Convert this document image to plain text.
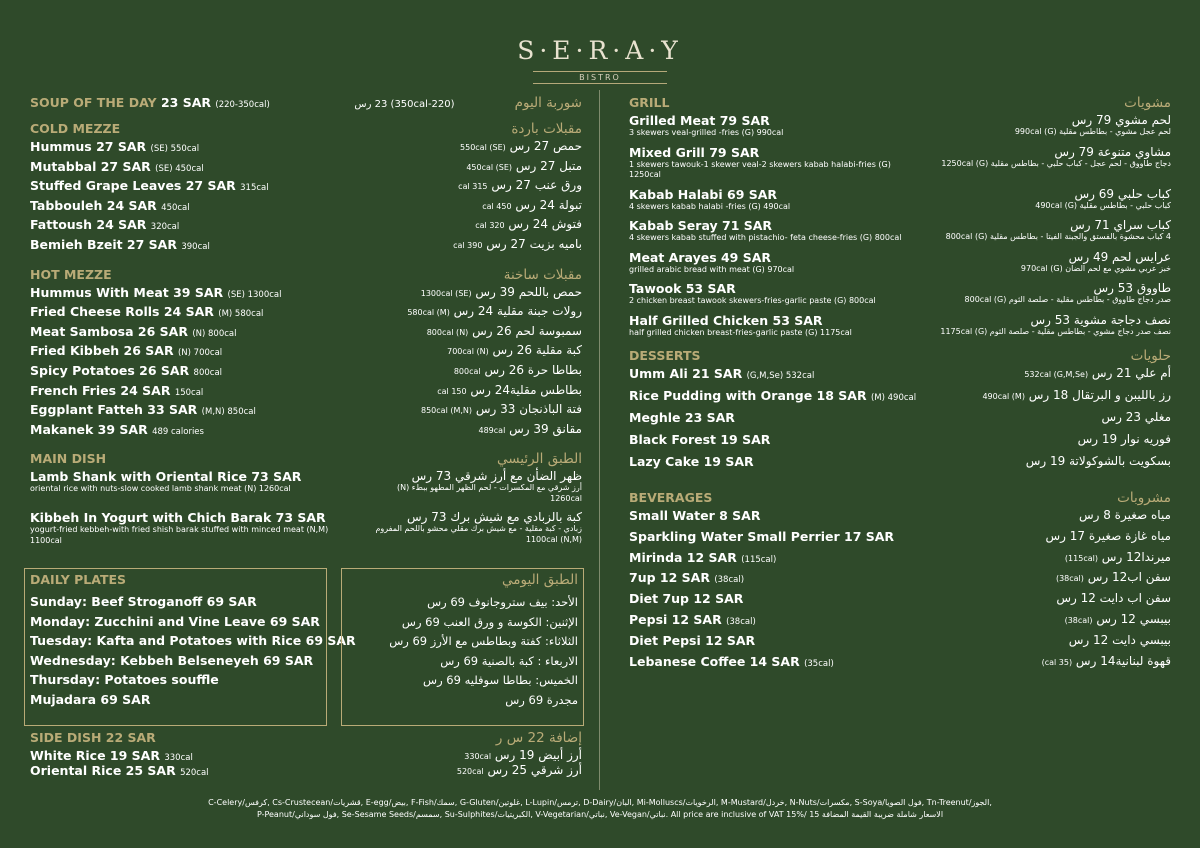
S·E·R·A·Y
BISTRO
SOUP OF THE DAY 23 SAR (220-350cal)	شوربة اليوم              (220-350cal) 23 رس
COLD MEZZE	مقبلات باردة
Hummus 27 SAR (SE) 550cal	حمص 27 رس (SE) 550cal
Mutabbal 27 SAR (SE) 450cal	متبل 27 رس (SE) 450cal
Stuffed Grape Leaves 27 SAR 315cal	ورق عنب 27 رس 315 cal
Tabbouleh 24 SAR 450cal	تبولة 24 رس 450 cal
Fattoush 24 SAR 320cal	فتوش 24 رس 320 cal
Bemieh Bzeit 27 SAR 390cal	باميه بزيت 27 رس 390 cal
HOT MEZZE	مقبلات ساخنة
Hummus With Meat 39 SAR (SE) 1300cal	حمص باللحم 39 رس (SE) 1300cal
Fried Cheese Rolls 24 SAR (M) 580cal	رولات جبنة مقلية 24 رس (M) 580cal
Meat Sambosa 26 SAR (N) 800cal	سمبوسة لحم 26 رس (N) 800cal
Fried Kibbeh 26 SAR (N) 700cal	كبة مقلية 26 رس (N) 700cal
Spicy Potatoes 26 SAR 800cal	بطاطا حرة 26 رس 800cal
French Fries 24 SAR 150cal	بطاطس مقلية24 رس 150 cal
Eggplant Fatteh 33 SAR (M,N) 850cal	فتة الباذنجان 33 رس (M,N) 850cal
Makanek 39 SAR 489 calories	مقانق 39 رس 489cal
MAIN DISH	الطبق الرئيسي
Lamb Shank with Oriental Rice 73 SAR
oriental rice with nuts-slow cooked lamb shank meat (N) 1260cal
ظهر الضأن مع أرز شرقي 73 رس
أرز شرقي مع المكسرات - لحم الظهر المطهو ببطء (N) 1260cal
Kibbeh In Yogurt with Chich Barak 73 SAR
yogurt-fried kebbeh-with fried shish barak stuffed with minced meat (N,M) 1100cal
كبة بالزبادي مع شيش برك 73 رس
زبادي - كبة مقلية - مع شيش برك مقلي محشو باللحم المفروم (N,M) 1100cal
DAILY PLATES
Sunday: Beef Stroganoff 69 SAR
Monday: Zucchini and Vine Leave 69 SAR
Tuesday: Kafta and Potatoes with Rice 69 SAR
Wednesday: Kebbeh Belseneyeh 69 SAR
Thursday: Potatoes souffle
Mujadara 69 SAR
الطبق اليومي
الأحد: بيف ستروجانوف 69 رس
الإثنين: الكوسة و ورق العنب 69 رس
الثلاثاء: كفتة وبطاطس مع الأرز 69 رس
الاربعاء : كبة بالصنية 69 رس
الخميس: بطاطا سوفليه 69 رس
مجدرة 69 رس
SIDE DISH 22 SAR	إضافة 22 س ر
White Rice 19 SAR 330cal	أرز أبيض 19 رس 330cal
Oriental Rice 25 SAR 520cal	أرز شرقي 25 رس 520cal
GRILL	مشويات
Grilled Meat 79 SAR
3 skewers veal-grilled -fries (G) 990cal
لحم مشوي 79 رس
لحم عجل مشوي - بطاطس مقلية (G) 990cal
Mixed Grill 79 SAR
1 skewers tawouk-1 skewer veal-2 skewers kabab halabi-fries (G) 1250cal
مشاوي متنوعة 79 رس
دجاج طاووق - لحم عجل - كباب حلبي - بطاطس مقلية (G) 1250cal
Kabab Halabi 69 SAR
4 skewers kabab halabi -fries (G) 490cal
كباب حلبي 69 رس
كباب حلبي - بطاطس مقلية (G) 490cal
Kabab Seray 71 SAR
4 skewers kabab stuffed with pistachio- feta cheese-fries (G) 800cal
كباب سراي 71 رس
4 كباب محشوة بالفستق والجبنة الفيتا - بطاطس مقلية (G) 800cal
Meat Arayes 49 SAR
grilled arabic bread with meat (G) 970cal
عرايس لحم 49 رس
خبز عربي مشوي مع لحم الضان (G) 970cal
Tawook 53 SAR
2 chicken breast tawook skewers-fries-garlic paste (G) 800cal
طاووق 53 رس
صدر دجاج طاووق - بطاطس مقلية - صلصة الثوم (G) 800cal
Half Grilled Chicken 53 SAR
half grilled chicken breast-fries-garlic paste (G) 1175cal
نصف دجاجة مشوية 53 رس
نصف صدر دجاج مشوي - بطاطس مقلية - صلصة الثوم (G) 1175cal
DESSERTS	حلويات
Umm Ali 21 SAR (G,M,Se) 532cal	أم علي 21 رس (G,M,Se) 532cal
Rice Pudding with Orange 18 SAR (M) 490cal	رز بالليبن و البرتقال 18 رس (M) 490cal
Meghle 23 SAR	مغلي 23 رس
Black Forest 19 SAR	فوريه نوار 19 رس
Lazy Cake 19 SAR	بسكويت بالشوكولاتة 19 رس
BEVERAGES	مشروبات
Small Water 8 SAR	مياه صغيرة 8 رس
Sparkling Water Small Perrier 17 SAR	مياه غازة صغيرة 17 رس
Mirinda 12 SAR (115cal)	ميرندا12 رس (115cal)
7up 12 SAR (38cal)	سفن اب12 رس (38cal)
Diet 7up 12 SAR	سفن اب دايت 12 رس
Pepsi 12 SAR (38cal)	بيبسي 12 رس (38cal)
Diet Pepsi 12 SAR	بيبسي دايت 12 رس
Lebanese Coffee 14 SAR (35cal)	قهوة لبنانية14 رس (35 cal)
C-Celery/كرفس, Cs-Crustecean/قشريات, E-egg/بيض, F-Fish/سمك, G-Gluten/غلوتين, L-Lupin/ترمس, D-Dairy/البان, Mi-Molluscs/الرخويات, M-Mustard/خردل, N-Nuts/مكسرات, S-Soya/فول الصويا, Tn-Treenut/الجوز,
P-Peanut/فول سوداني, Se-Sesame Seeds/سمسم, Su-Sulphites/الكبريتيات, V-Vegetarian/نباتي, Ve-Vegan/نباتي. All price are inclusive of VAT 15%/ الاسعار شاملة ضريبة القيمة المضافة 15
